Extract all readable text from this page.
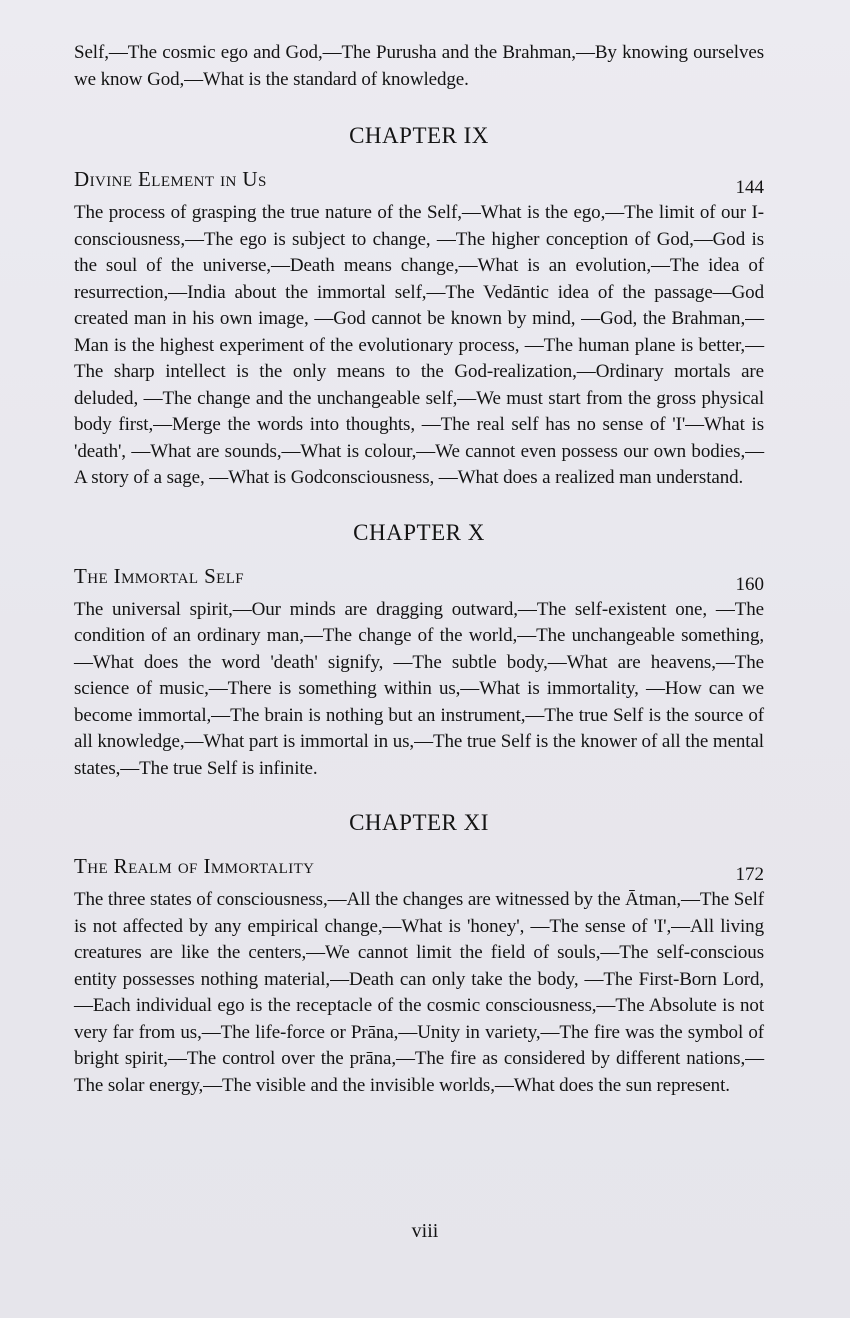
Self,—The cosmic ego and God,—The Purusha and the Brahman,—By knowing ourselves we know God,—What is the standard of knowledge.

CHAPTER IX
Divine Element in Us	144

The process of grasping the true nature of the Self,—What is the ego,—The limit of our I-consciousness,—The ego is subject to change, —The higher conception of God,—God is the soul of the universe,—Death means change,—What is an evolution,—The idea of resurrection,—India about the immortal self,—The Vedāntic idea of the passage—God created man in his own image, —God cannot be known by mind, —God, the Brahman,—Man is the highest experiment of the evolutionary process, —The human plane is better,—The sharp intellect is the only means to the God-realization,—Ordinary mortals are deluded, —The change and the unchangeable self,—We must start from the gross physical body first,—Merge the words into thoughts, —The real self has no sense of 'I'—What is 'death', —What are sounds,—What is colour,—We cannot even possess our own bodies,—A story of a sage, —What is Godconsciousness, —What does a realized man understand.

CHAPTER X
The Immortal Self	160

The universal spirit,—Our minds are dragging outward,—The self-existent one, —The condition of an ordinary man,—The change of the world,—The unchangeable something, —What does the word 'death' signify, —The subtle body,—What are heavens,—The science of music,—There is something within us,—What is immortality, —How can we become immortal,—The brain is nothing but an instrument,—The true Self is the source of all knowledge,—What part is immortal in us,—The true Self is the knower of all the mental states,—The true Self is infinite.

CHAPTER XI
The Realm of Immortality	172

The three states of consciousness,—All the changes are witnessed by the Ātman,—The Self is not affected by any empirical change,—What is 'honey', —The sense of 'I',—All living creatures are like the centers,—We cannot limit the field of souls,—The self-conscious entity possesses nothing material,—Death can only take the body, —The First-Born Lord,—Each individual ego is the receptacle of the cosmic consciousness,—The Absolute is not very far from us,—The life-force or Prāna,—Unity in variety,—The fire was the symbol of bright spirit,—The control over the prāna,—The fire as considered by different nations,—The solar energy,—The visible and the invisible worlds,—What does the sun represent.

viii
